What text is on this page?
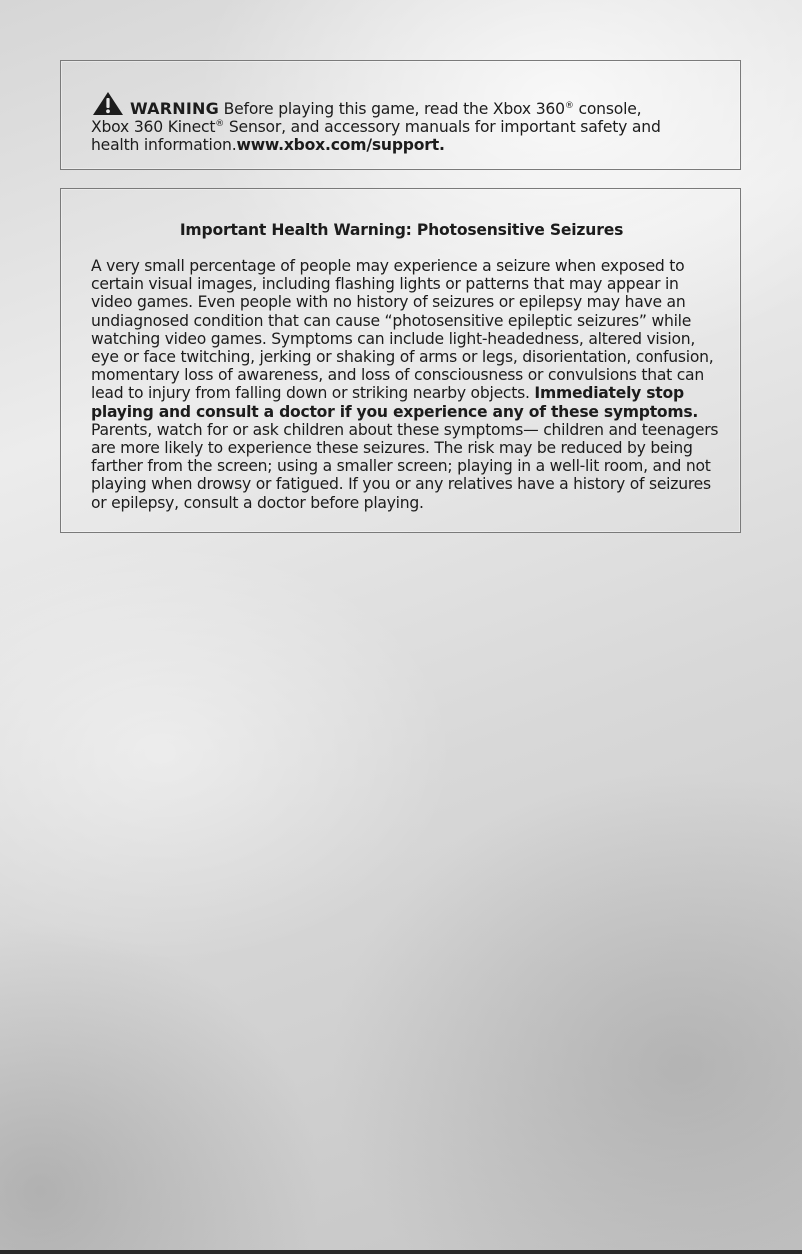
WARNING Before playing this game, read the Xbox 360® console,
Xbox 360 Kinect® Sensor, and accessory manuals for important safety and health information.www.xbox.com/support.
Important Health Warning: Photosensitive Seizures
A very small percentage of people may experience a seizure when exposed to
certain visual images, including flashing lights or patterns that may appear in
video games. Even people with no history of seizures or epilepsy may have an
undiagnosed condition that can cause “photosensitive epileptic seizures” while
watching video games. Symptoms can include light-headedness, altered vision,
eye or face twitching, jerking or shaking of arms or legs, disorientation, confusion,
momentary loss of awareness, and loss of consciousness or convulsions that can
lead to injury from falling down or striking nearby objects. Immediately stop
playing and consult a doctor if you experience any of these symptoms.
Parents, watch for or ask children about these symptoms— children and teenagers
are more likely to experience these seizures. The risk may be reduced by being
farther from the screen; using a smaller screen; playing in a well-lit room, and not
playing when drowsy or fatigued. If you or any relatives have a history of seizures
or epilepsy, consult a doctor before playing.
